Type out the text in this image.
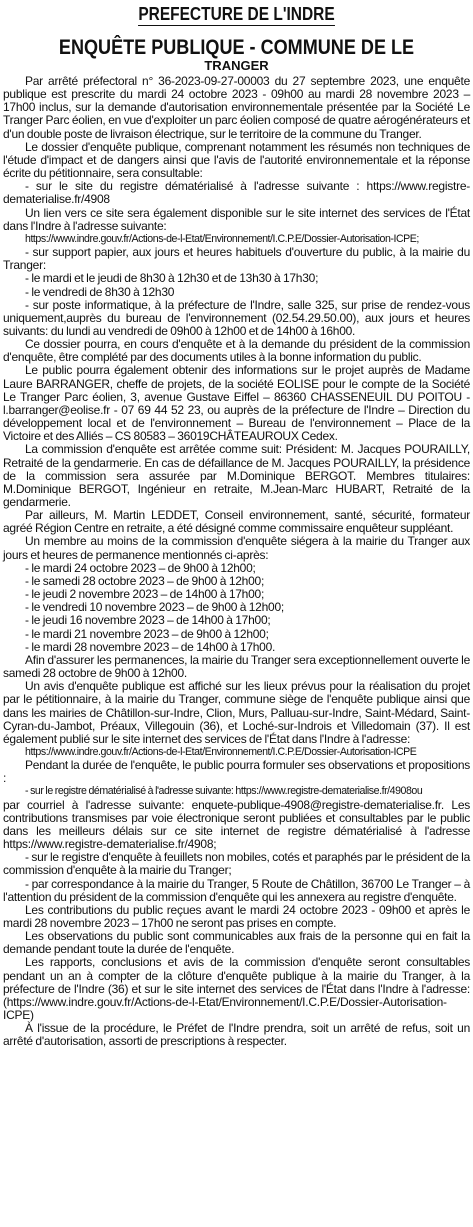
PREFECTURE DE L'INDRE
ENQUÊTE PUBLIQUE - COMMUNE DE LE
TRANGER

Par arrêté préfectoral n° 36-2023-09-27-00003 du 27 septembre 2023, une enquête publique est prescrite du mardi 24 octobre 2023 - 09h00 au mardi 28 novembre 2023 – 17h00 inclus, sur la demande d'autorisation environnementale présentée par la Société Le Tranger Parc éolien, en vue d'exploiter un parc éolien composé de quatre aérogénérateurs et d'un double poste de livraison électrique, sur le territoire de la commune du Tranger.

Le dossier d'enquête publique, comprenant notamment les résumés non techniques de l'étude d'impact et de dangers ainsi que l'avis de l'autorité environnementale et la réponse écrite du pétitionnaire, sera consultable:

- sur le site du registre dématérialisé à l'adresse suivante : https://www.registre-dematerialise.fr/4908

Un lien vers ce site sera également disponible sur le site internet des services de l'État dans l'Indre à l'adresse suivante:

https://www.indre.gouv.fr/Actions-de-l-Etat/Environnement/I.C.P.E/Dossier-Autorisation-ICPE;

- sur support papier, aux jours et heures habituels d'ouverture du public, à la mairie du Tranger:

- le mardi et le jeudi de 8h30 à 12h30 et de 13h30 à 17h30;

- le vendredi de 8h30 à 12h30

- sur poste informatique, à la préfecture de l'Indre, salle 325, sur prise de rendez-vous uniquement,auprès du bureau de l'environnement (02.54.29.50.00), aux jours et heures suivants: du lundi au vendredi de 09h00 à 12h00 et de 14h00 à 16h00.

Ce dossier pourra, en cours d'enquête et à la demande du président de la commission d'enquête, être complété par des documents utiles à la bonne information du public.

Le public pourra également obtenir des informations sur le projet auprès de Madame Laure BARRANGER, cheffe de projets, de la société EOLISE pour le compte de la Société Le Tranger Parc éolien, 3, avenue Gustave Eiffel – 86360 CHASSENEUIL DU POITOU - l.barranger@eolise.fr - 07 69 44 52 23, ou auprès de la préfecture de l'Indre – Direction du développement local et de l'environnement – Bureau de l'environnement – Place de la Victoire et des Alliés – CS 80583 – 36019CHÂTEAUROUX Cedex.

La commission d'enquête est arrêtée comme suit: Président: M. Jacques POURAILLY, Retraité de la gendarmerie. En cas de défaillance de M. Jacques POURAILLY, la présidence de la commission sera assurée par M.Dominique BERGOT. Membres titulaires: M.Dominique BERGOT, Ingénieur en retraite, M.Jean-Marc HUBART, Retraité de la gendarmerie.

Par ailleurs, M. Martin LEDDET, Conseil environnement, santé, sécurité, formateur agréé Région Centre en retraite, a été désigné comme commissaire enquêteur suppléant.

Un membre au moins de la commission d'enquête siégera à la mairie du Tranger aux jours et heures de permanence mentionnés ci-après:

- le mardi 24 octobre 2023 – de 9h00 à 12h00;

- le samedi 28 octobre 2023 – de 9h00 à 12h00;

- le jeudi 2 novembre 2023 – de 14h00 à 17h00;

- le vendredi 10 novembre 2023 – de 9h00 à 12h00;

- le jeudi 16 novembre 2023 – de 14h00 à 17h00;

- le mardi 21 novembre 2023 – de 9h00 à 12h00;

- le mardi 28 novembre 2023 – de 14h00 à 17h00.

Afin d'assurer les permanences, la mairie du Tranger sera exceptionnellement ouverte le samedi 28 octobre de 9h00 à 12h00.

Un avis d'enquête publique est affiché sur les lieux prévus pour la réalisation du projet par le pétitionnaire, à la mairie du Tranger, commune siège de l'enquête publique ainsi que dans les mairies de Châtillon-sur-Indre, Clion, Murs, Palluau-sur-Indre, Saint-Médard, Saint-Cyran-du-Jambot, Préaux, Villegouin (36), et Loché-sur-Indrois et Villedomain (37). Il est également publié sur le site internet des services de l'État dans l'Indre à l'adresse:

https://www.indre.gouv.fr/Actions-de-l-Etat/Environnement/I.C.P.E/Dossier-Autorisation-ICPE

Pendant la durée de l'enquête, le public pourra formuler ses observations et propositions :

- sur le registre dématérialisé à l'adresse suivante: https://www.registre-dematerialise.fr/4908ou

par courriel à l'adresse suivante: enquete-publique-4908@registre-dematerialise.fr. Les contributions transmises par voie électronique seront publiées et consultables par le public dans les meilleurs délais sur ce site internet de registre dématérialisé à l'adresse https://www.registre-dematerialise.fr/4908;

- sur le registre d'enquête à feuillets non mobiles, cotés et paraphés par le président de la commission d'enquête à la mairie du Tranger;

- par correspondance à la mairie du Tranger, 5 Route de Châtillon, 36700 Le Tranger – à l'attention du président de la commission d'enquête qui les annexera au registre d'enquête.

Les contributions du public reçues avant le mardi 24 octobre 2023 - 09h00 et après le mardi 28 novembre 2023 – 17h00 ne seront pas prises en compte.

Les observations du public sont communicables aux frais de la personne qui en fait la demande pendant toute la durée de l'enquête.

Les rapports, conclusions et avis de la commission d'enquête seront consultables pendant un an à compter de la clôture d'enquête publique à la mairie du Tranger, à la préfecture de l'Indre (36) et sur le site internet des services de l'État dans l'Indre à l'adresse: (https://www.indre.gouv.fr/Actions-de-l-Etat/Environnement/I.C.P.E/Dossier-Autorisation-ICPE)

À l'issue de la procédure, le Préfet de l'Indre prendra, soit un arrêté de refus, soit un arrêté d'autorisation, assorti de prescriptions à respecter.
